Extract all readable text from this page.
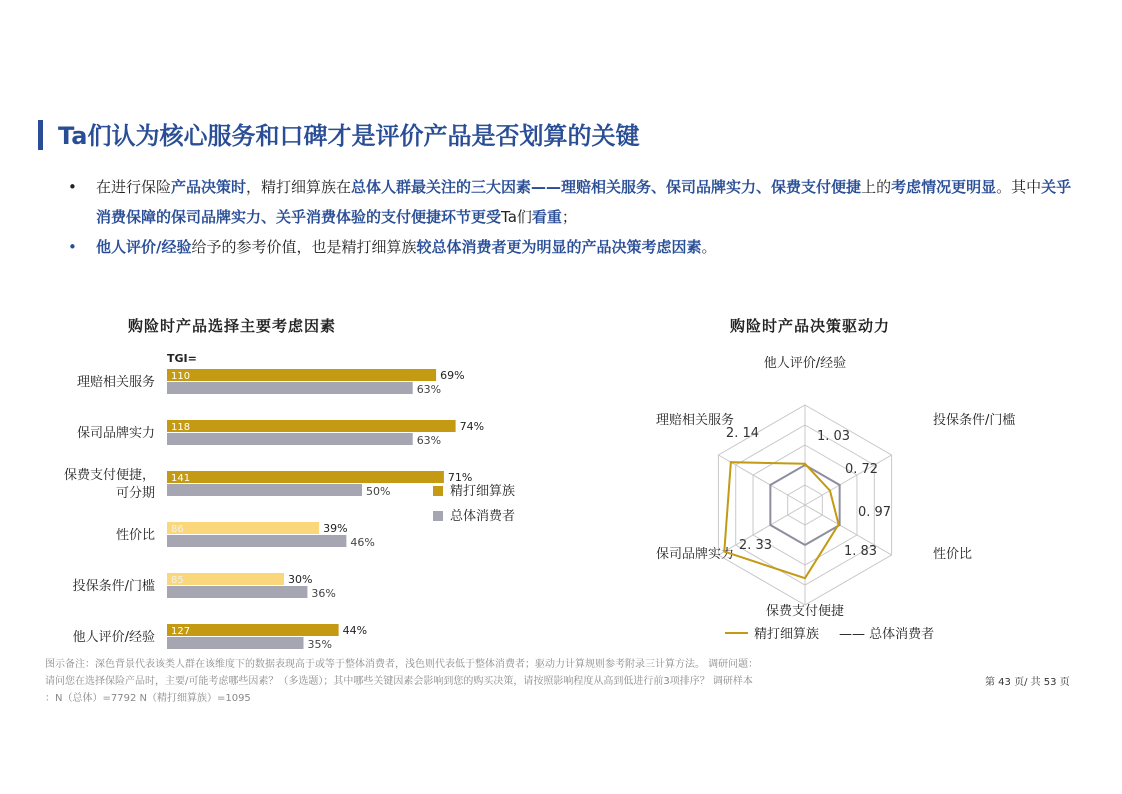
Ta们认为核心服务和口碑才是评价产品是否划算的关键
• 在进行保险产品决策时，精打细算族在总体人群最关注的三大因素——理赔相关服务、保司品牌实力、保费支付便捷上的考虑情况更明显。其中关乎消费保障的保司品牌实力、关乎消费体验的支付便捷环节更受Ta们看重；
• 他人评价/经验给予的参考价值，也是精打细算族较总体消费者更为明显的产品决策考虑因素。
购险时产品选择主要考虑因素
TGI=
理赔相关服务 110	69%
63%
保司品牌实力 118	74%
63%
保费支付便捷，
可分期
141	71%
50%
性价比 86	39%
46%
投保条件/门槛 85	30%
36%
他人评价/经验 127	44%
35%
精打细算族
总体消费者
购险时产品决策驱动力
他人评价/经验
投保条件/门槛
性价比
保费支付便捷
保司品牌实力
理赔相关服务
1. 03
0. 72
0. 97
1. 83
2. 33
2. 14
精打细算族 —— 总体消费者
图示备注：深色背景代表该类人群在该维度下的数据表现高于或等于整体消费者，浅色则代表低于整体消费者；驱动力计算规则参考附录三计算方法。 调研问题：
请问您在选择保险产品时，主要/可能考虑哪些因素？（多选题）；其中哪些关键因素会影响到您的购买决策，请按照影响程度从高到低进行前3项排序？ 调研样本
：N（总体）=7792 N（精打细算族）=1095
第 43 页/ 共 53 页
